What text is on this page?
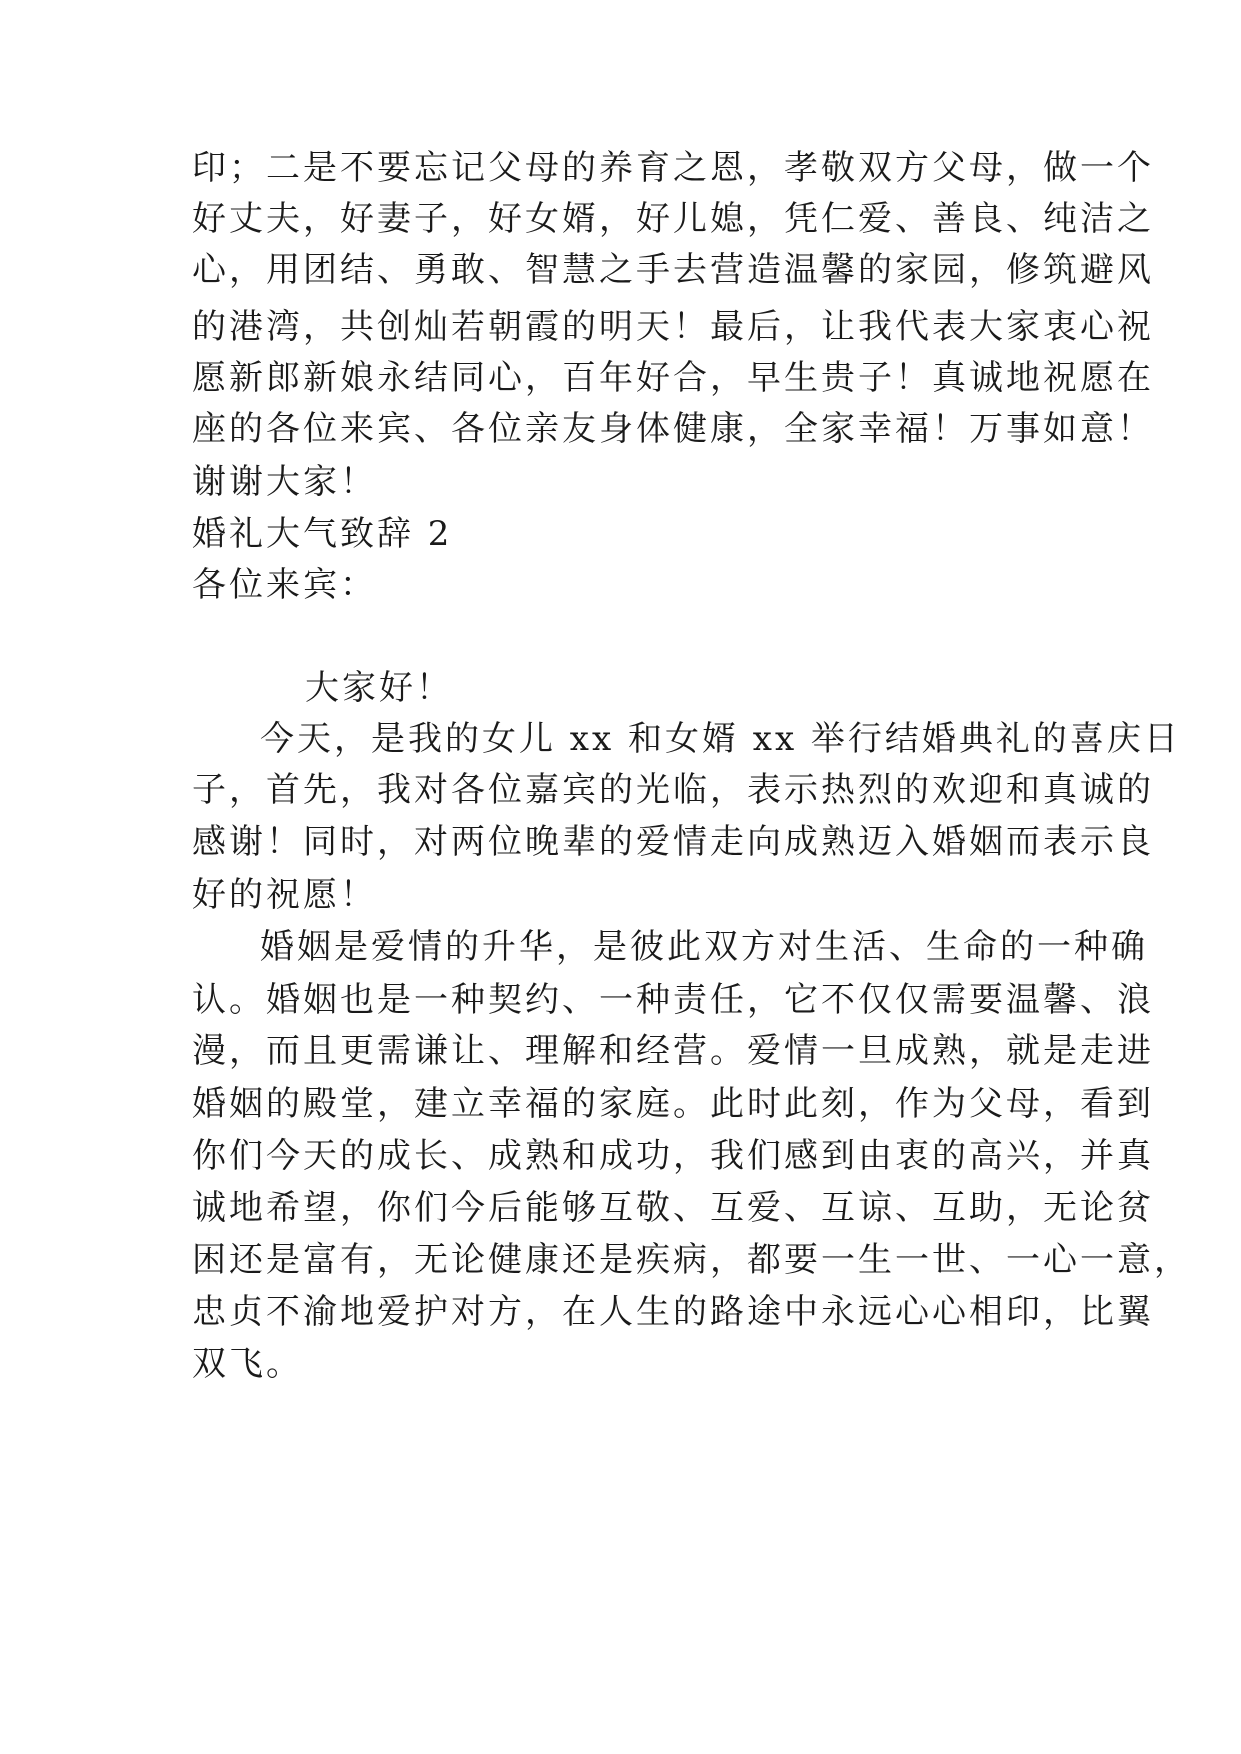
印；二是不要忘记父母的养育之恩，孝敬双方父母，做一个
好丈夫，好妻子，好女婿，好儿媳，凭仁爱、善良、纯洁之
心，用团结、勇敢、智慧之手去营造温馨的家园，修筑避风
的港湾，共创灿若朝霞的明天！最后，让我代表大家衷心祝
愿新郎新娘永结同心，百年好合，早生贵子！真诚地祝愿在
座的各位来宾、各位亲友身体健康，全家幸福！万事如意！
谢谢大家！
婚礼大气致辞 2
各位来宾：
大家好！
今天，是我的女儿 xx 和女婿 xx 举行结婚典礼的喜庆日
子，首先，我对各位嘉宾的光临，表示热烈的欢迎和真诚的
感谢！同时，对两位晚辈的爱情走向成熟迈入婚姻而表示良
好的祝愿！
婚姻是爱情的升华，是彼此双方对生活、生命的一种确
认。婚姻也是一种契约、一种责任，它不仅仅需要温馨、浪
漫，而且更需谦让、理解和经营。爱情一旦成熟，就是走进
婚姻的殿堂，建立幸福的家庭。此时此刻，作为父母，看到
你们今天的成长、成熟和成功，我们感到由衷的高兴，并真
诚地希望，你们今后能够互敬、互爱、互谅、互助，无论贫
困还是富有，无论健康还是疾病，都要一生一世、一心一意，
忠贞不渝地爱护对方，在人生的路途中永远心心相印，比翼
双飞。
